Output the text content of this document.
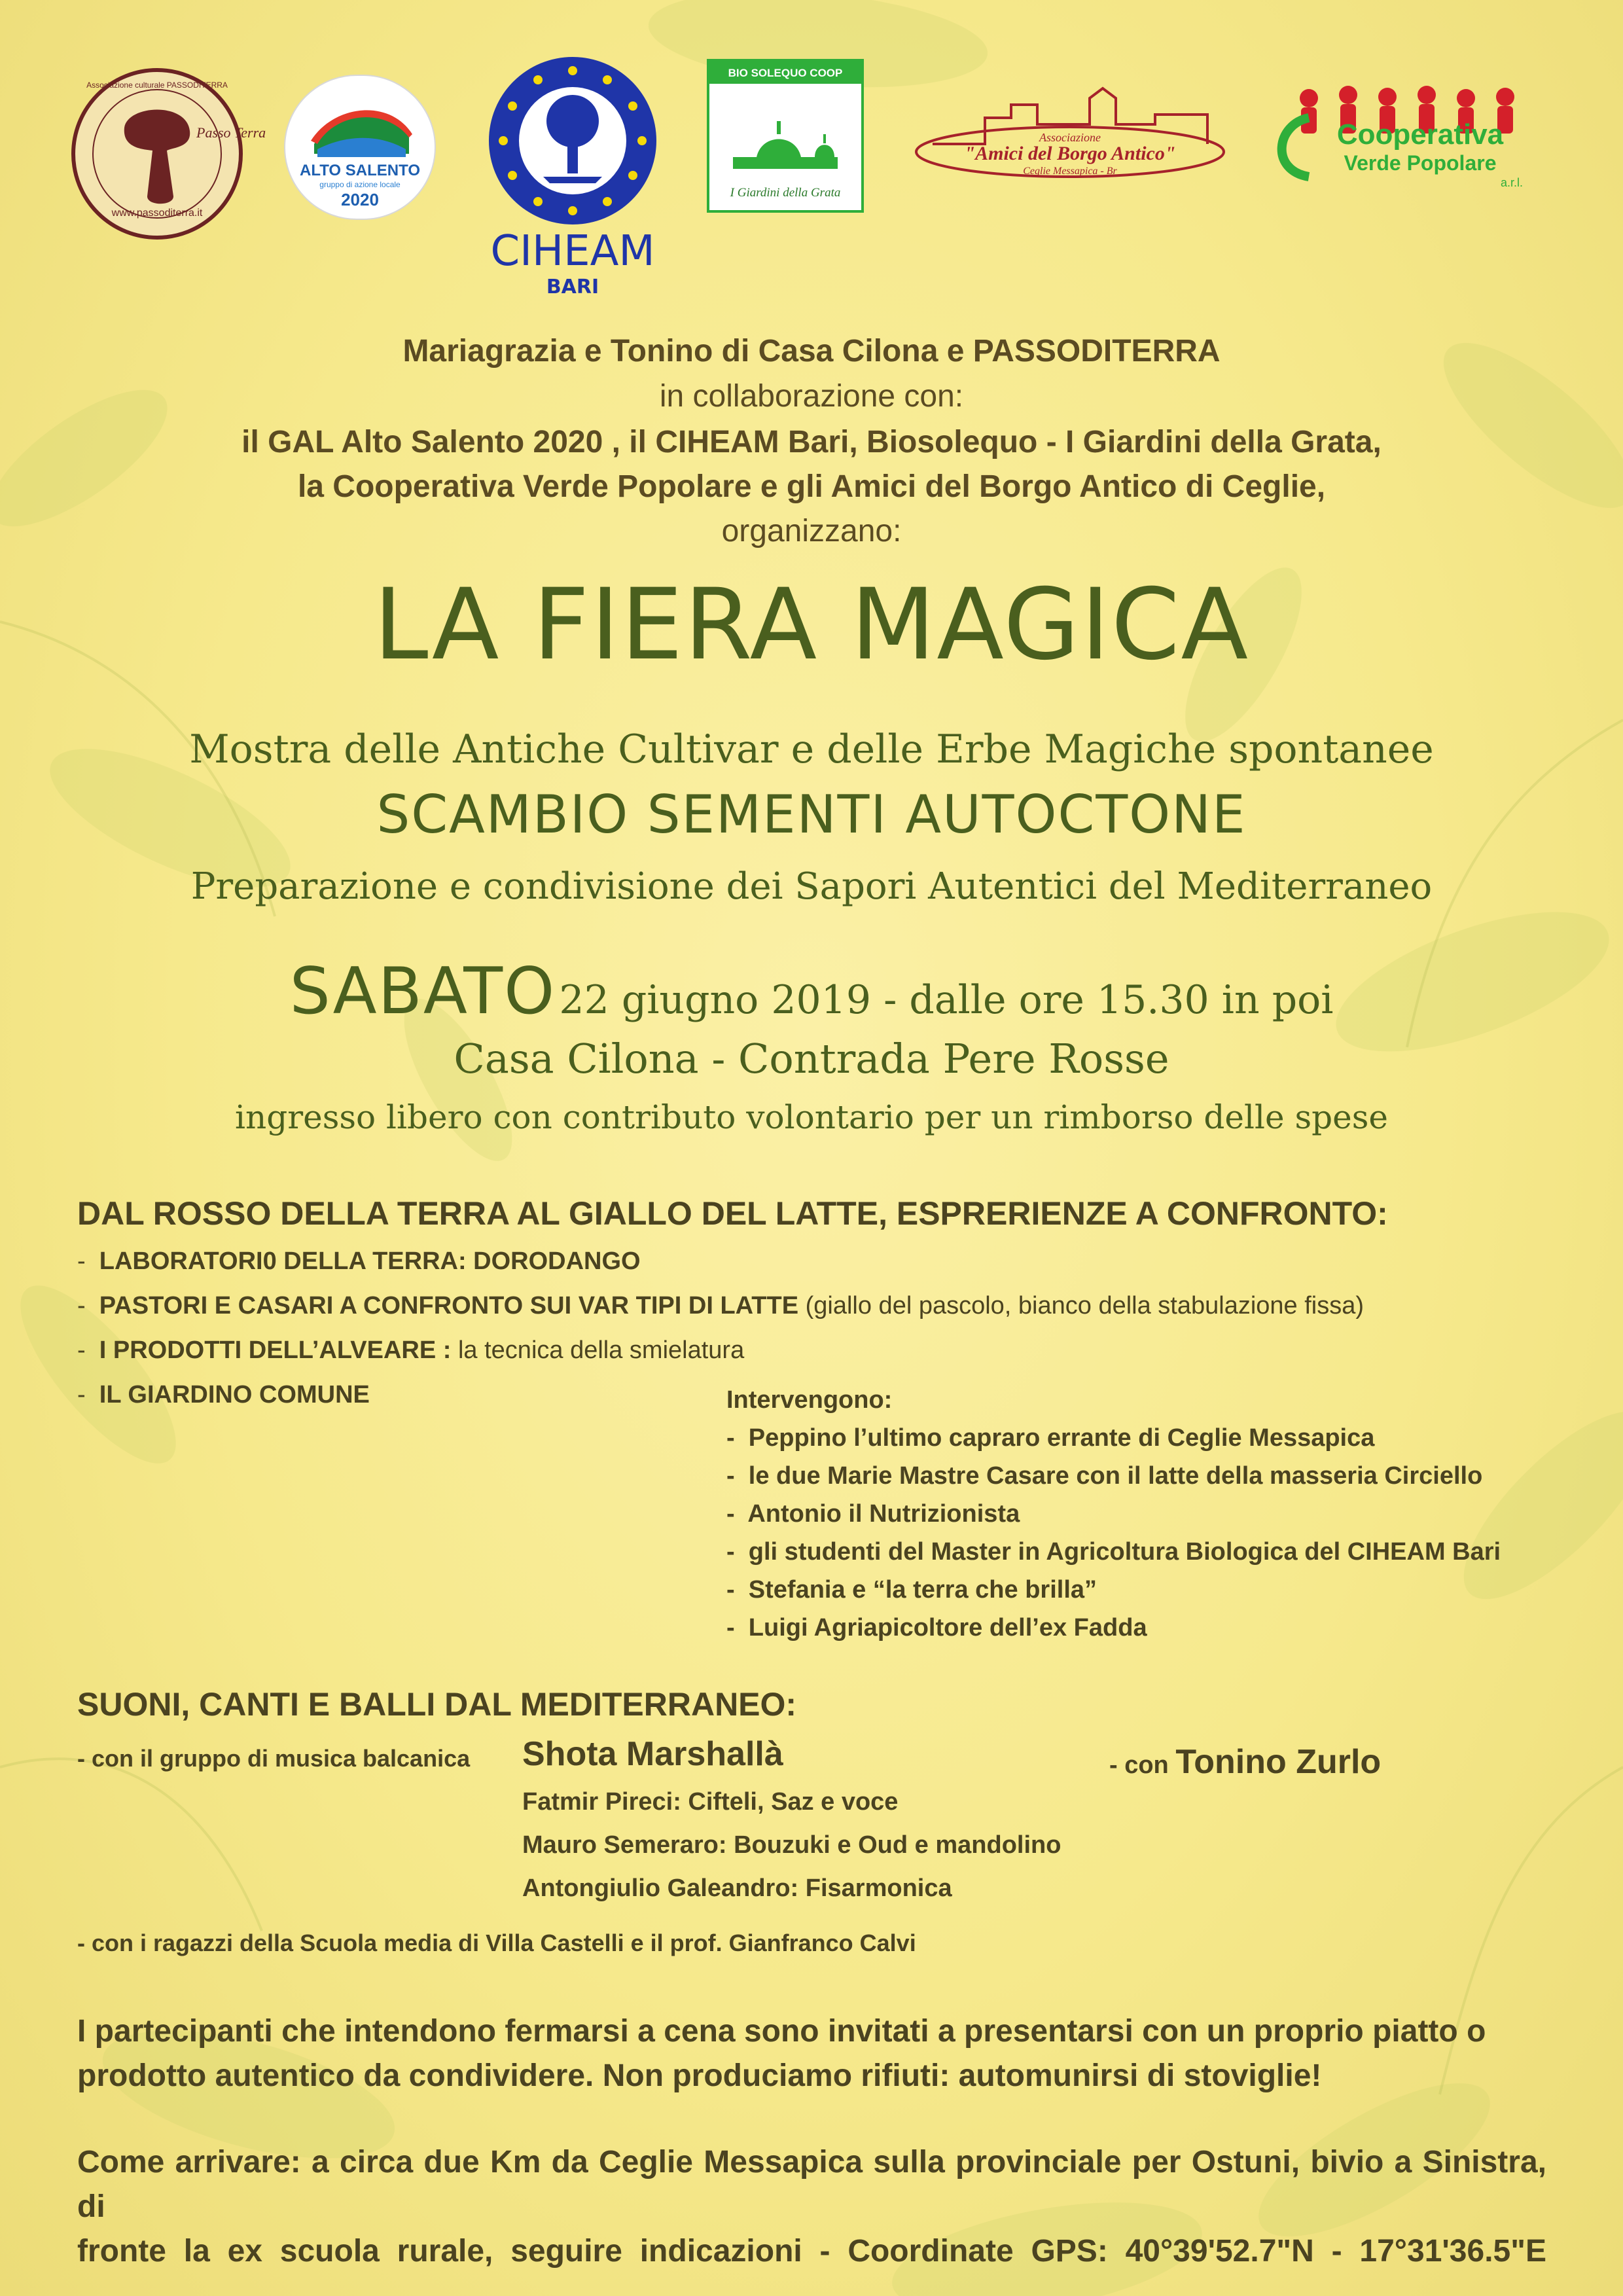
www.passoditerra.it
Passo Terra
Associazione culturale PASSODITERRA
ALTO SALENTO
gruppo di azione locale
2020
CIHEAM
BARI
BIO SOLEQUO COOP
I Giardini della Grata
Associazione
"Amici del Borgo Antico"
Ceglie Messapica - Br
Cooperativa
Verde Popolare
a.r.l.
Mariagrazia e Tonino di Casa Cilona e PASSODITERRA
in collaborazione con:
il GAL Alto Salento 2020 , il CIHEAM Bari, Biosolequo - I Giardini della Grata,
la Cooperativa Verde Popolare e gli Amici del Borgo Antico di Ceglie,
organizzano:
LA FIERA MAGICA
Mostra delle Antiche Cultivar e delle Erbe Magiche spontanee
SCAMBIO SEMENTI AUTOCTONE
Preparazione e condivisione dei Sapori Autentici del Mediterraneo
SABATO 22 giugno 2019 - dalle ore 15.30 in poi
Casa Cilona - Contrada Pere Rosse
ingresso libero con contributo volontario per un rimborso delle spese
DAL ROSSO DELLA TERRA AL GIALLO DEL LATTE, ESPRERIENZE A CONFRONTO:
-  LABORATORI0 DELLA TERRA: DORODANGO
-  PASTORI E CASARI A CONFRONTO SUI VAR TIPI DI LATTE (giallo del pascolo, bianco della stabulazione fissa)
-  I PRODOTTI DELL’ALVEARE : la tecnica della smielatura
-  IL GIARDINO COMUNE	Intervengono:
-  Peppino l’ultimo capraro errante di Ceglie Messapica
-  le due Marie Mastre Casare con il latte della masseria Circiello
-  Antonio il Nutrizionista
-  gli studenti del Master in Agricoltura Biologica del CIHEAM Bari
-  Stefania e “la terra che brilla”
-  Luigi Agriapicoltore dell’ex Fadda
SUONI, CANTI E BALLI DAL MEDITERRANEO:
- con il gruppo di musica balcanica Shota Marshallà	- con Tonino Zurlo
Fatmir Pireci: Cifteli, Saz e voce
Mauro Semeraro: Bouzuki e Oud e mandolino
Antongiulio Galeandro: Fisarmonica
- con i ragazzi della Scuola media di Villa Castelli e il prof. Gianfranco Calvi
I partecipanti che intendono fermarsi a cena sono invitati a presentarsi con un proprio piatto o
prodotto autentico da condividere. Non produciamo rifiuti: automunirsi di stoviglie!
Come arrivare: a circa due Km da Ceglie Messapica sulla provinciale per Ostuni, bivio a Sinistra, di
fronte la ex scuola rurale, seguire indicazioni - Coordinate GPS: 40°39'52.7"N - 17°31'36.5"E
